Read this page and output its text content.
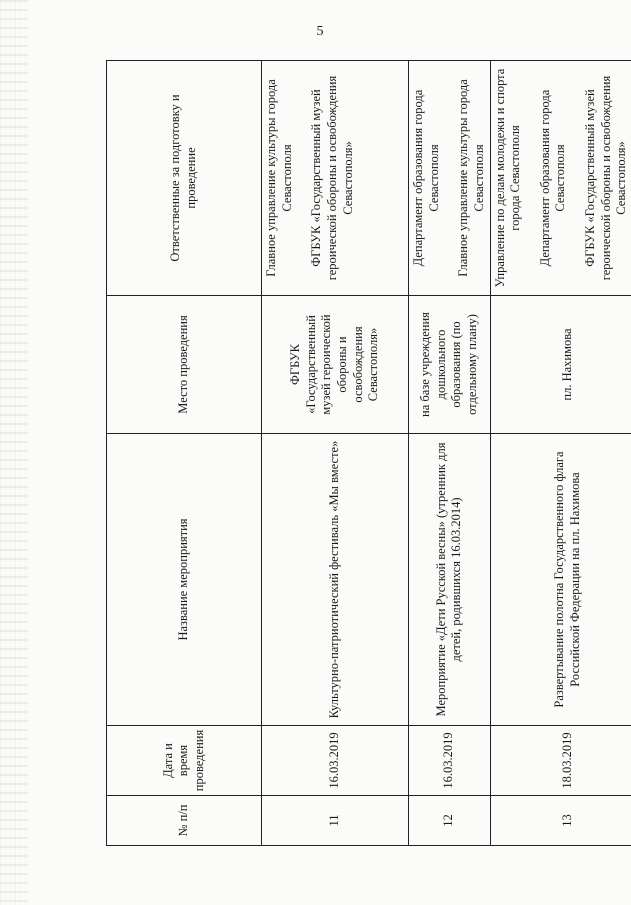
5
№ п/п	Дата и время проведения	Название мероприятия	Место проведения	Ответственные за подготовку и проведение
11	16.03.2019	Культурно-патриотический фестиваль «Мы вместе»	ФГБУК «Государственный музей героической обороны и освобождения Севастополя»	Главное управление культуры города Севастополя ФГБУК «Государственный музей героической обороны и освобождения Севастополя»

12	16.03.2019	Мероприятие «Дети Русской весны» (утренник для детей, родившихся 16.03.2014)	на базе учреждения дошкольного образования (по отдельному плану)	Департамент образования города Севастополя Главное управление культуры города Севастополя

13	18.03.2019	Развертывание полотна Государственного флага Российской Федерации на пл. Нахимова	пл. Нахимова	Управление по делам молодежи и спорта города Севастополя Департамент образования города Севастополя ФГБУК «Государственный музей героической обороны и освобождения Севастополя»
